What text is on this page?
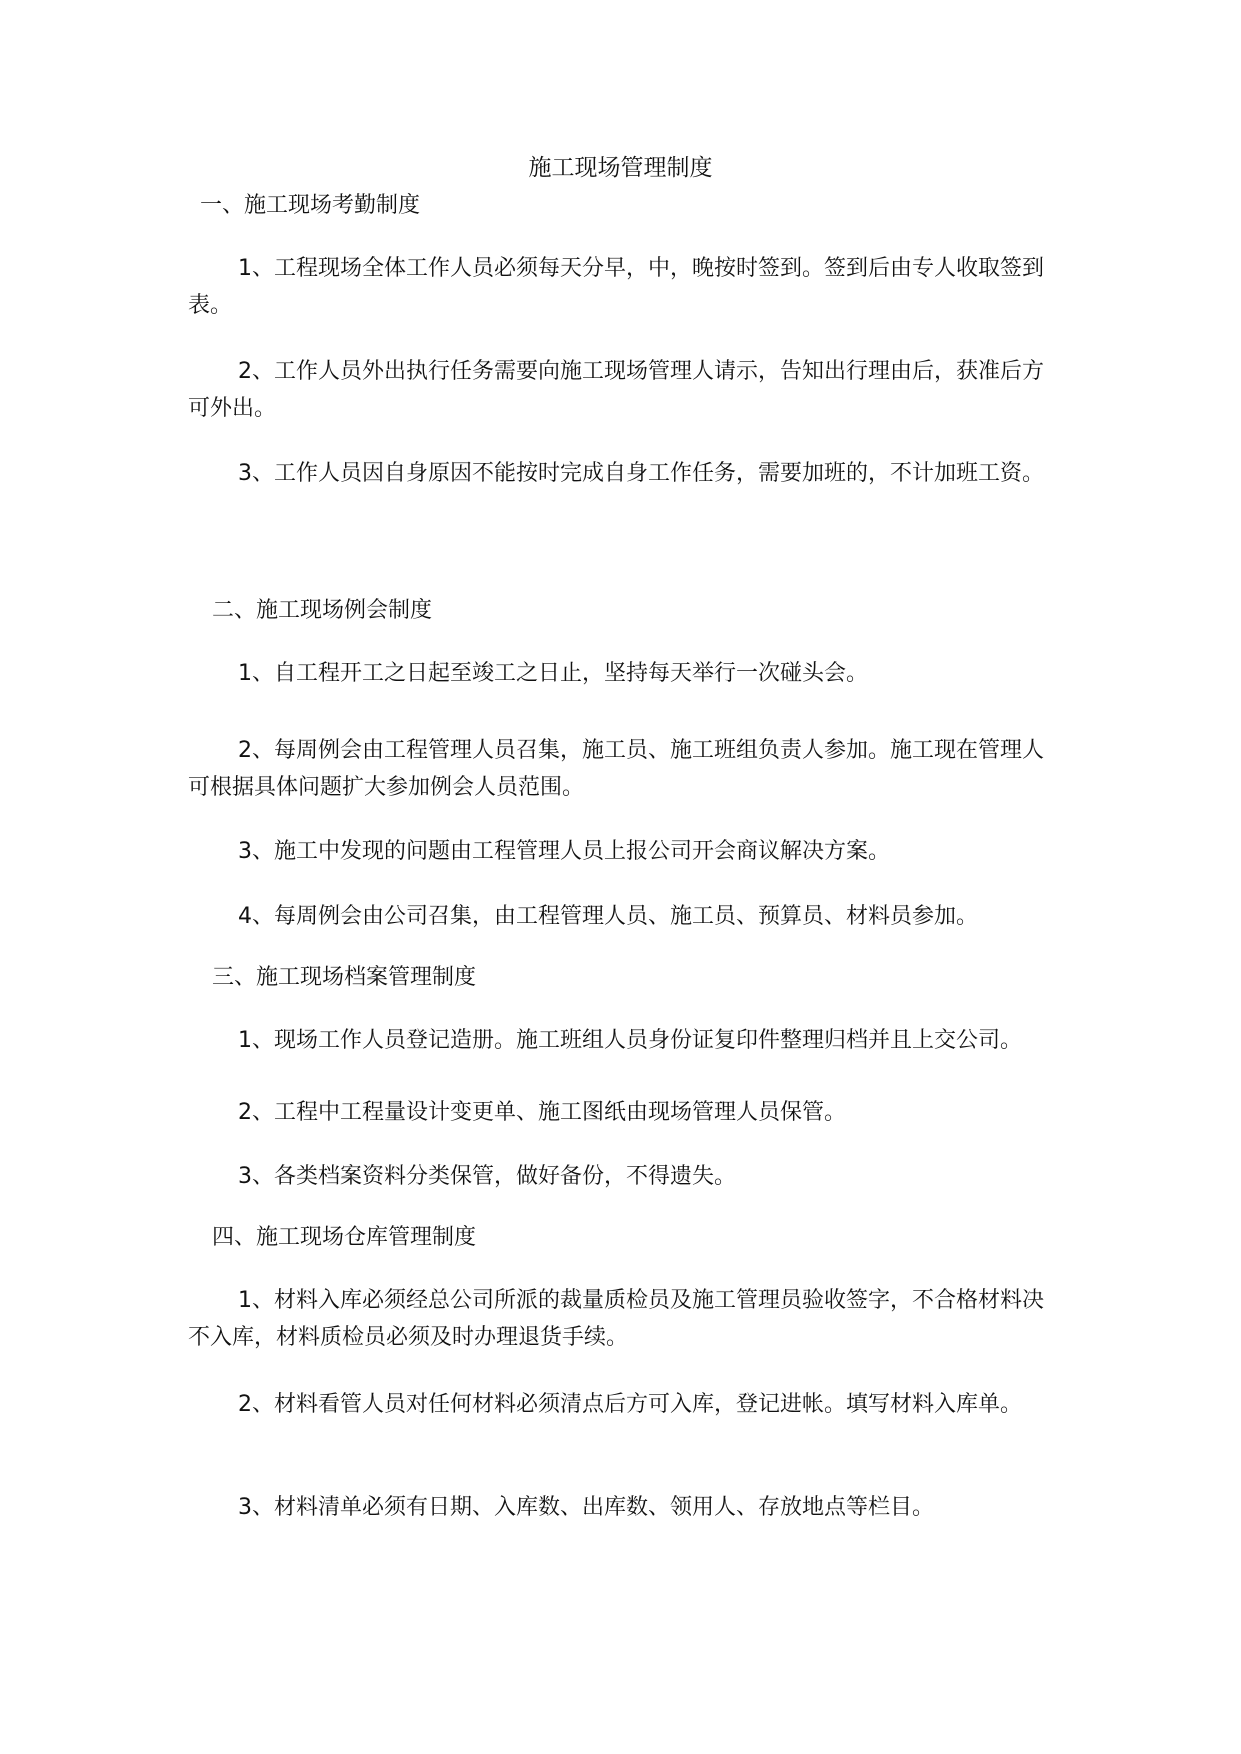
施工现场管理制度
一、施工现场考勤制度
1、工程现场全体工作人员必须每天分早，中，晚按时签到。签到后由专人收取签到表。
2、工作人员外出执行任务需要向施工现场管理人请示，告知出行理由后，获准后方可外出。
3、工作人员因自身原因不能按时完成自身工作任务，需要加班的，不计加班工资。
二、施工现场例会制度
1、自工程开工之日起至竣工之日止，坚持每天举行一次碰头会。
2、每周例会由工程管理人员召集，施工员、施工班组负责人参加。施工现在管理人可根据具体问题扩大参加例会人员范围。
3、施工中发现的问题由工程管理人员上报公司开会商议解决方案。
4、每周例会由公司召集，由工程管理人员、施工员、预算员、材料员参加。
三、施工现场档案管理制度
1、现场工作人员登记造册。施工班组人员身份证复印件整理归档并且上交公司。
2、工程中工程量设计变更单、施工图纸由现场管理人员保管。
3、各类档案资料分类保管，做好备份，不得遗失。
四、施工现场仓库管理制度
1、材料入库必须经总公司所派的裁量质检员及施工管理员验收签字，不合格材料决不入库，材料质检员必须及时办理退货手续。
2、材料看管人员对任何材料必须清点后方可入库，登记进帐。填写材料入库单。
3、材料清单必须有日期、入库数、出库数、领用人、存放地点等栏目。
